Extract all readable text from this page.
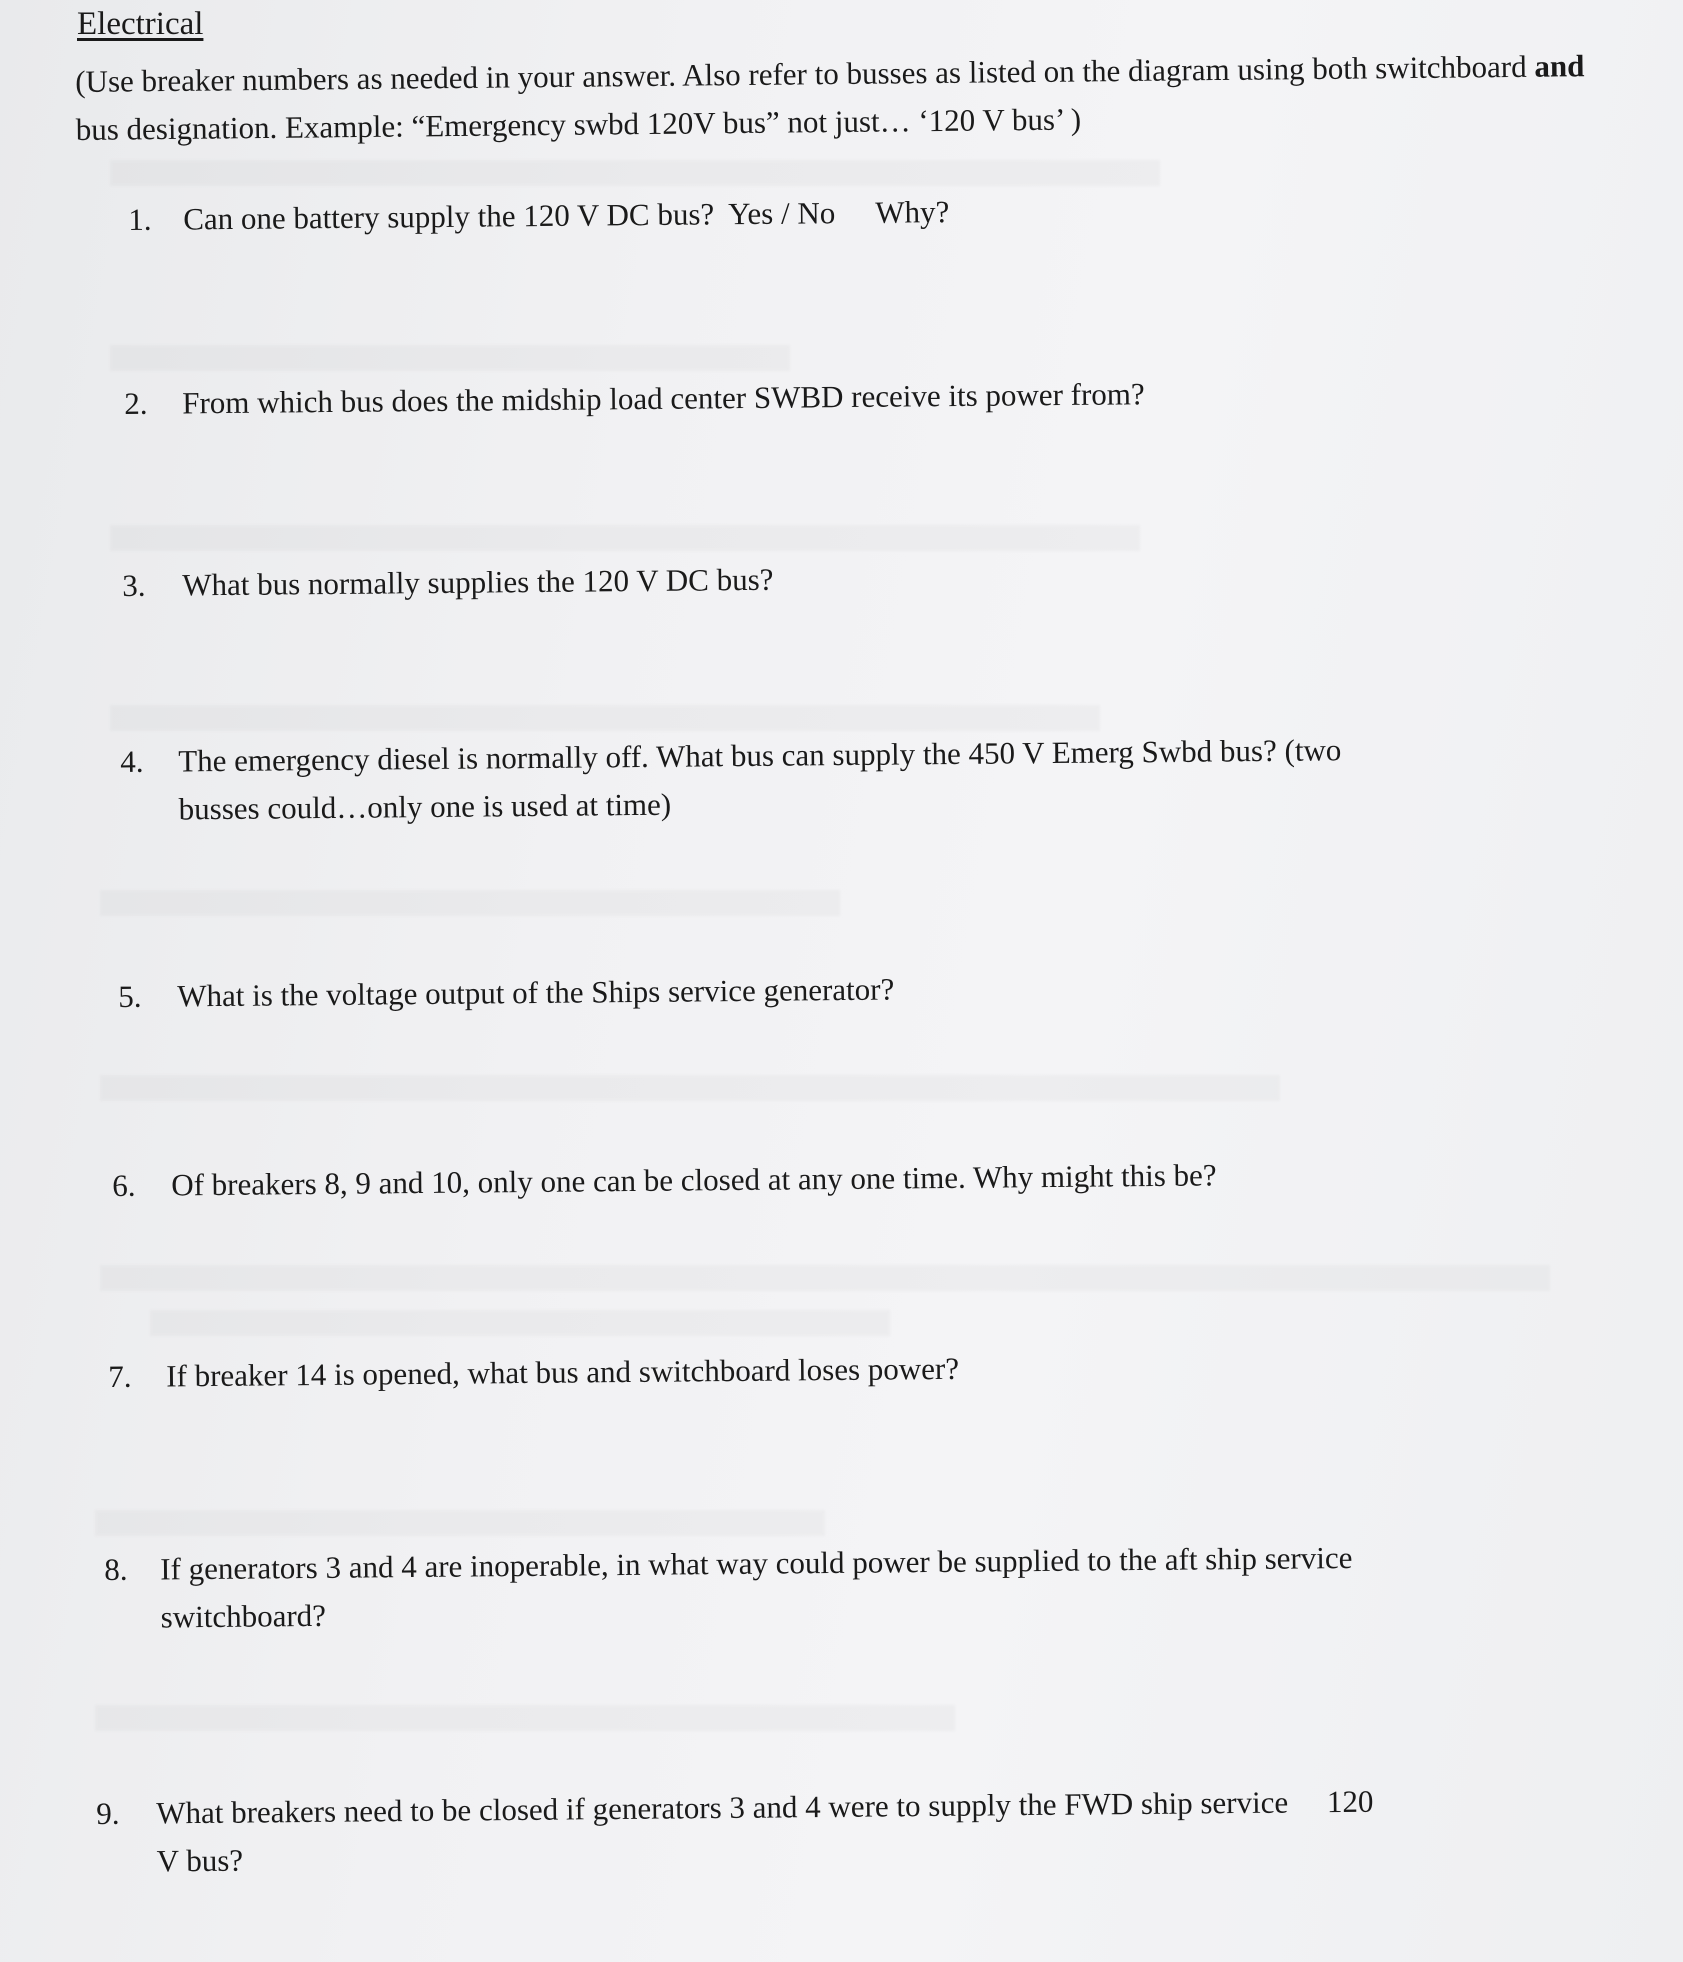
Electrical
(Use breaker numbers as needed in your answer. Also refer to busses as listed on the diagram using both switchboard and bus designation. Example: “Emergency swbd 120V bus” not just… ‘120 V bus’ )
1. Can one battery supply the 120 V DC bus? Yes / No Why?
2. From which bus does the midship load center SWBD receive its power from?
3. What bus normally supplies the 120 V DC bus?
4. The emergency diesel is normally off. What bus can supply the 450 V Emerg Swbd bus? (two
busses could…only one is used at time)
5. What is the voltage output of the Ships service generator?
6. Of breakers 8, 9 and 10, only one can be closed at any one time. Why might this be?
7. If breaker 14 is opened, what bus and switchboard loses power?
8. If generators 3 and 4 are inoperable, in what way could power be supplied to the aft ship service
switchboard?
9. What breakers need to be closed if generators 3 and 4 were to supply the FWD ship service     120
V bus?
